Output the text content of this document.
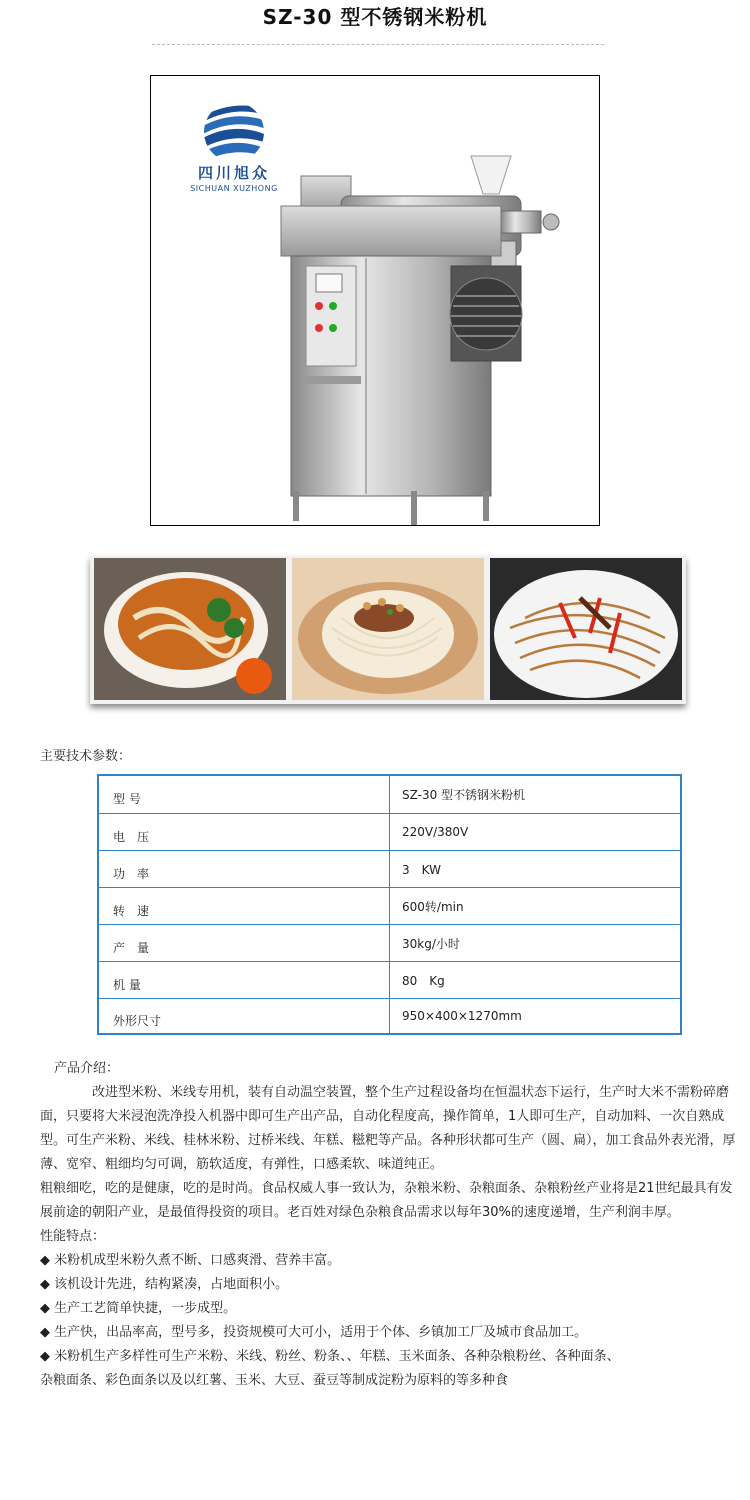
SZ-30 型不锈钢米粉机
四川旭众
SICHUAN XUZHONG
主要技术参数：
型 号	SZ-30 型不锈钢米粉机
电　压	220V/380V
功　率	3　KW
转　速	600转/min
产　量	30kg/小时
机 量	80　Kg
外形尺寸	950×400×1270mm

产品介绍：

改进型米粉、米线专用机，装有自动温空装置，整个生产过程设备均在恒温状态下运行，生产时大米不需粉碎磨面，只要将大米浸泡洗净投入机器中即可生产出产品，自动化程度高，操作简单，1人即可生产，自动加料、一次自熟成型。可生产米粉、米线、桂林米粉、过桥米线、年糕、糍粑等产品。各种形状都可生产（圆、扁），加工食品外表光滑，厚薄、宽窄、粗细均匀可调，筋软适度，有弹性，口感柔软、味道纯正。

粗粮细吃，吃的是健康，吃的是时尚。食品权威人事一致认为，杂粮米粉、杂粮面条、杂粮粉丝产业将是21世纪最具有发展前途的朝阳产业，是最值得投资的项目。老百姓对绿色杂粮食品需求以每年30%的速度递增，生产利润丰厚。

性能特点：

◆ 米粉机成型米粉久煮不断、口感爽滑、营养丰富。

◆ 该机设计先进，结构紧凑，占地面积小。

◆ 生产工艺简单快捷，一步成型。

◆ 生产快，出品率高，型号多，投资规模可大可小，适用于个体、乡镇加工厂及城市食品加工。

◆ 米粉机生产多样性可生产米粉、米线、粉丝、粉条、、年糕、玉米面条、各种杂粮粉丝、各种面条、杂粮面条、彩色面条以及以红薯、玉米、大豆、蚕豆等制成淀粉为原料的等多种食
